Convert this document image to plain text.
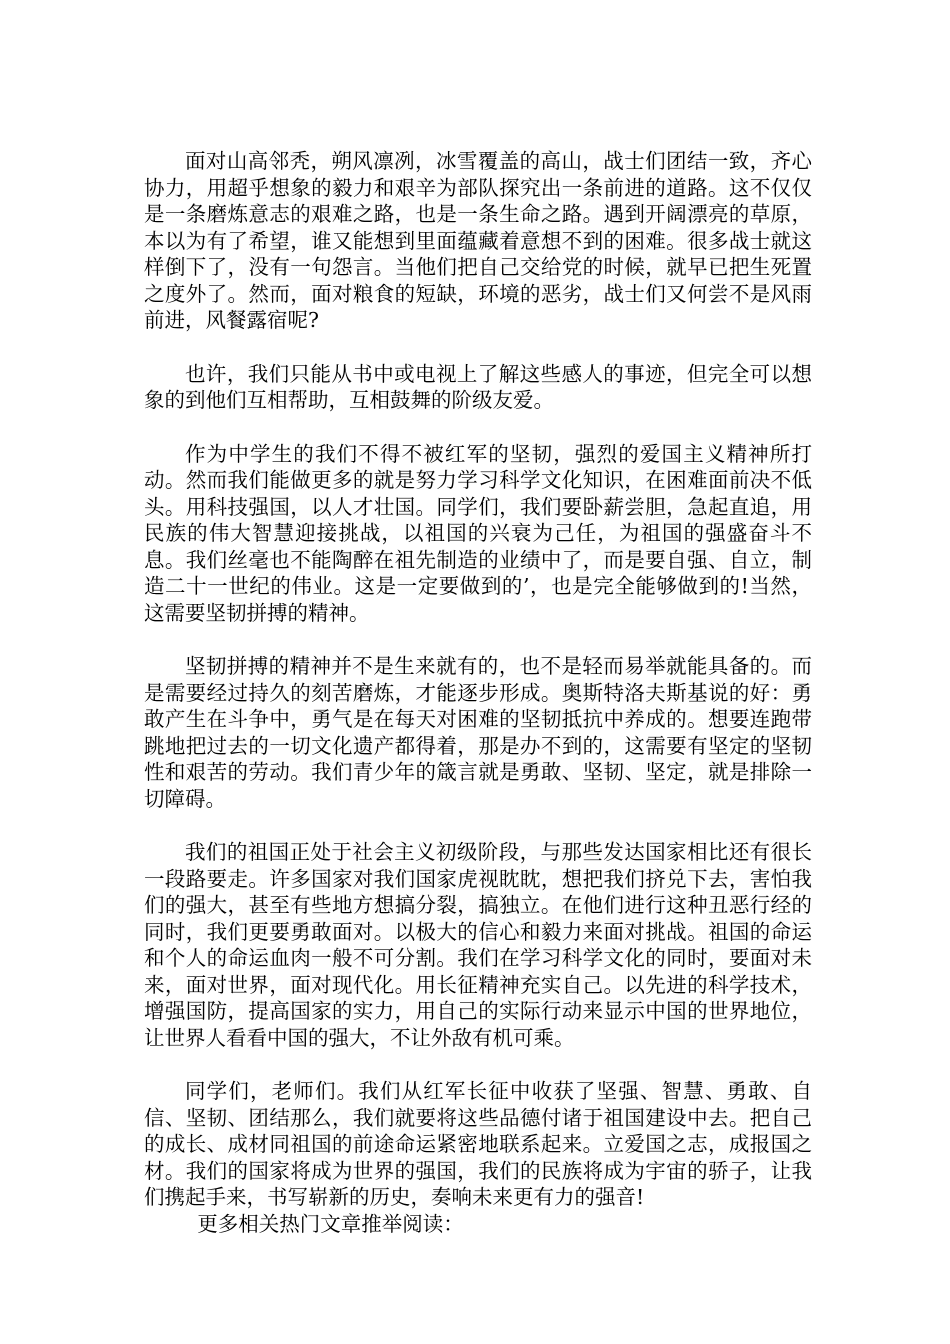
面对山高邻秃，朔风凛冽，冰雪覆盖的高山，战士们团结一致，齐心协力，用超乎想象的毅力和艰辛为部队探究出一条前进的道路。这不仅仅是一条磨炼意志的艰难之路，也是一条生命之路。遇到开阔漂亮的草原，本以为有了希望，谁又能想到里面蕴藏着意想不到的困难。很多战士就这样倒下了，没有一句怨言。当他们把自己交给党的时候，就早已把生死置之度外了。然而，面对粮食的短缺，环境的恶劣，战士们又何尝不是风雨前进，风餐露宿呢?

也许，我们只能从书中或电视上了解这些感人的事迹，但完全可以想象的到他们互相帮助，互相鼓舞的阶级友爱。

作为中学生的我们不得不被红军的坚韧，强烈的爱国主义精神所打动。然而我们能做更多的就是努力学习科学文化知识，在困难面前决不低头。用科技强国，以人才壮国。同学们，我们要卧薪尝胆，急起直追，用民族的伟大智慧迎接挑战，以祖国的兴衰为己任，为祖国的强盛奋斗不息。我们丝毫也不能陶醉在祖先制造的业绩中了，而是要自强、自立，制造二十一世纪的伟业。这是一定要做到的’，也是完全能够做到的!当然，这需要坚韧拼搏的精神。

坚韧拼搏的精神并不是生来就有的，也不是轻而易举就能具备的。而是需要经过持久的刻苦磨炼，才能逐步形成。奥斯特洛夫斯基说的好：勇敢产生在斗争中，勇气是在每天对困难的坚韧抵抗中养成的。想要连跑带跳地把过去的一切文化遗产都得着，那是办不到的，这需要有坚定的坚韧性和艰苦的劳动。我们青少年的箴言就是勇敢、坚韧、坚定，就是排除一切障碍。

我们的祖国正处于社会主义初级阶段，与那些发达国家相比还有很长一段路要走。许多国家对我们国家虎视眈眈，想把我们挤兑下去，害怕我们的强大，甚至有些地方想搞分裂，搞独立。在他们进行这种丑恶行经的同时，我们更要勇敢面对。以极大的信心和毅力来面对挑战。祖国的命运和个人的命运血肉一般不可分割。我们在学习科学文化的同时，要面对未来，面对世界，面对现代化。用长征精神充实自己。以先进的科学技术，增强国防，提高国家的实力，用自己的实际行动来显示中国的世界地位，让世界人看看中国的强大，不让外敌有机可乘。

同学们，老师们。我们从红军长征中收获了坚强、智慧、勇敢、自信、坚韧、团结那么，我们就要将这些品德付诸于祖国建设中去。把自己的成长、成材同祖国的前途命运紧密地联系起来。立爱国之志，成报国之材。我们的国家将成为世界的强国，我们的民族将成为宇宙的骄子，让我们携起手来，书写崭新的历史，奏响未来更有力的强音!

更多相关热门文章推举阅读：
